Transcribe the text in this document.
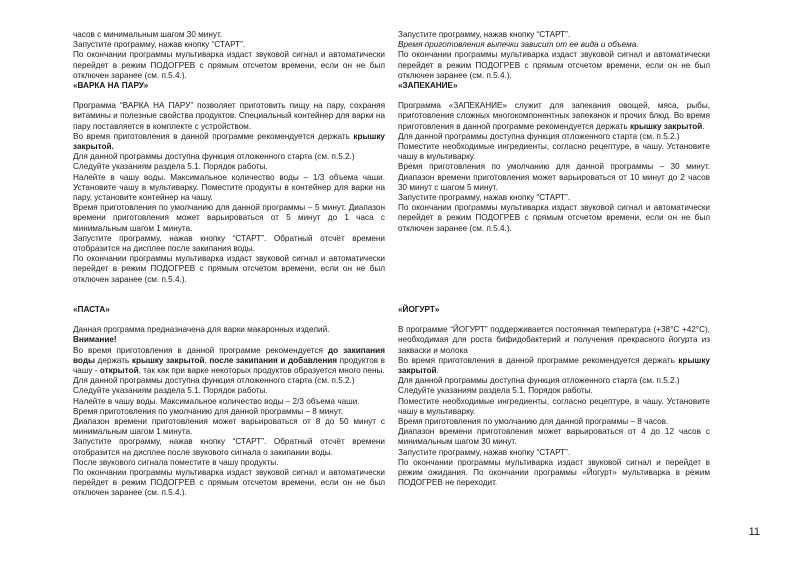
часов с минимальным шагом 30 минут.

Запустите программу, нажав кнопку “СТАРТ”.

По окончании программы мультиварка издаст звуковой сигнал и автоматически перейдет в режим ПОДОГРЕВ с прямым отсчетом времени, если он не был отключен заранее (см. п.5.4.).

«ВАРКА НА ПАРУ»

Программа “ВАРКА НА ПАРУ” позволяет приготовить пищу на пару, сохраняя витамины и полезные свойства продуктов. Специальный контейнер для варки на пару поставляется в комплекте с устройством.

Во время приготовления в данной программе рекомендуется держать крышку закрытой.

Для данной программы доступна функция отложенного старта (см. п.5.2.)

Следуйте указаниям раздела 5.1. Порядок работы.

Налейте в чашу воды. Максимальное количество воды – 1/3 объема чаши. Установите чашу в мультиварку. Поместите продукты в контейнер для варки на пару, установите контейнер на чашу.

Время приготовления по умолчанию для данной программы – 5 минут. Диапазон времени приготовления может варьироваться от 5 минут до 1 часа с минимальным шагом 1 минута.

Запустите программу, нажав кнопку “СТАРТ”. Обратный отсчёт времени отобразится на дисплее после закипания воды.

По окончании программы мультиварка издаст звуковой сигнал и автоматически перейдет в режим ПОДОГРЕВ с прямым отсчетом времени, если он не был отключен заранее (см. п.5.4.).

Запустите программу, нажав кнопку “СТАРТ”.

Время приготовления выпечки зависит от ее вида и объема.

По окончании программы мультиварка издаст звуковой сигнал и автоматически перейдет в режим ПОДОГРЕВ с прямым отсчетом времени, если он не был отключен заранее (см. п.5.4.).

«ЗАПЕКАНИЕ»

Программа «ЗАПЕКАНИЕ» служит для запекания овощей, мяса, рыбы, приготовления сложных многокомпонентных запеканок и прочих блюд. Во время приготовления в данной программе рекомендуется держать крышку закрытой.

Для данной программы доступна функция отложенного старта (см. п.5.2.)

Поместите необходимые ингредиенты, согласно рецептуре, в чашу. Установите чашу в мультиварку.

Время приготовления по умолчанию для данной программы – 30 минут. Диапазон времени приготовления может варьироваться от 10 минут до 2 часов 30 минут с шагом 5 минут.

Запустите программу, нажав кнопку “СТАРТ”.

По окончании программы мультиварка издаст звуковой сигнал и автоматически перейдет в режим ПОДОГРЕВ с прямым отсчетом времени, если он не был отключен заранее (см. п.5.4.).

«ПАСТА»

Данная программа предназначена для варки макаронных изделий.

Внимание!

Во время приготовления в данной программе рекомендуется до закипания воды держать крышку закрытой, после закипания и добавления продуктов в чашу - открытой, так как при варке некоторых продуктов образуется много пены.

Для данной программы доступна функция отложенного старта (см. п.5.2.)

Следуйте указаниям раздела 5.1. Порядок работы.

Налейте в чашу воды. Максимальное количество воды – 2/3 объема чаши.

Время приготовления по умолчанию для данной программы – 8 минут.

Диапазон времени приготовления может варьироваться от 8 до 50 минут с минимальным шагом 1 минута.

Запустите программу, нажав кнопку “СТАРТ”. Обратный отсчёт времени отобразится на дисплее после звукового сигнала о закипании воды.

После звукового сигнала поместите в чашу продукты.

По окончании программы мультиварка издаст звуковой сигнал и автоматически перейдет в режим ПОДОГРЕВ с прямым отсчетом времени, если он не был отключен заранее (см. п.5.4.).

«ЙОГУРТ»

В программе “ЙОГУРТ” поддерживается постоянная температура (+38°С +42°С), необходимая для роста бифидобактерий и получения прекрасного йогурта из закваски и молока

Во время приготовления в данной программе рекомендуется держать крышку закрытой.

Для данной программы доступна функция отложенного старта (см. п.5.2.)

Следуйте указаниям раздела 5.1. Порядок работы.

Поместите необходимые ингредиенты, согласно рецептуре, в чашу. Установите чашу в мультиварку.

Время приготовления по умолчанию для данной программы – 8 часов.

Диапазон времени приготовления может варьироваться от 4 до 12 часов с минимальным шагом 30 минут.

Запустите программу, нажав кнопку “СТАРТ”.

По окончании программы мультиварка издаст звуковой сигнал и перейдет в режим ожидания. По окончании программы «Йогурт» мультиварка в режим ПОДОГРЕВ не переходит.

11
